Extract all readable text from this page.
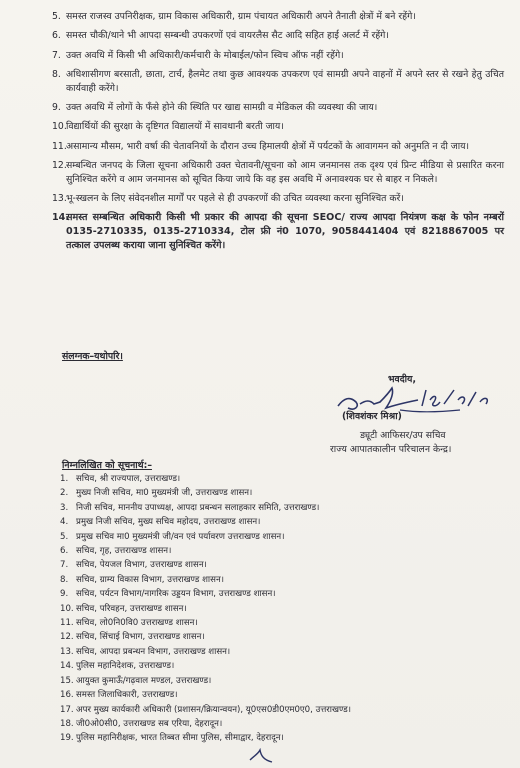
5. समस्त राजस्व उपनिरीक्षक, ग्राम विकास अधिकारी, ग्राम पंचायत अधिकारी अपने तैनाती क्षेत्रों में बने रहेंगे।
6. समस्त चौकी/थाने भी आपदा सम्बन्धी उपकरणों एवं वायरलैस सैट आदि सहित हाई अलर्ट में रहेंगे।
7. उक्त अवधि में किसी भी अधिकारी/कर्मचारी के मोबाईल/फोन स्विच ऑफ नहीं रहेंगे।
8. अधिशासीगण बरसाती, छाता, टार्च, हैलमेट तथा कुछ आवश्यक उपकरण एवं सामग्री अपने वाहनों में अपने स्तर से रखने हेतु उचित कार्यवाही करेंगे।
9. उक्त अवधि में लोगों के फँसे होने की स्थिति पर खाद्य सामग्री व मेडिकल की व्यवस्था की जाय।
10. विद्यार्थियों की सुरक्षा के दृष्टिगत विद्यालयों में सावधानी बरती जाय।
11. असामान्य मौसम, भारी वर्षा की चेतावनियों के दौरान उच्च हिमालयी क्षेत्रों में पर्यटकों के आवागमन को अनुमति न दी जाय।
12. सम्बन्धित जनपद के जिला सूचना अधिकारी उक्त चेतावनी/सूचना को आम जनमानस तक दृश्य एवं प्रिन्ट मीडिया से प्रसारित करना सुनिश्चित करेंगे व आम जनमानस को सूचित किया जाये कि वह इस अवधि में अनावश्यक घर से बाहर न निकले।
13. भू-स्खलन के लिए संवेदनशील मार्गों पर पहले से ही उपकरणों की उचित व्यवस्था करना सुनिश्चित करें।
14.
समस्त सम्बन्धित अधिकारी किसी भी प्रकार की आपदा की सूचना SEOC/ राज्य आपदा नियंत्रण कक्ष के फोन नम्बरों 0135-2710335, 0135-2710334, टोल फ्री नं0 1070, 9058441404 एवं 8218867005 पर तत्काल उपलब्ध कराया जाना सुनिश्चित करेंगे।
संलग्नक–यथोपरि।
भवदीय,
(शिवशंकर मिश्रा)
ड्यूटी आफिसर/उप सचिव
राज्य आपातकालीन परिचालन केन्द्र।
निम्नलिखित को सूचनार्थ:–
1. सचिव, श्री राज्यपाल, उत्तराखण्ड।
2. मुख्य निजी सचिव, मा0 मुख्यमंत्री जी, उत्तराखण्ड शासन।
3. निजी सचिव, माननीय उपाध्यक्ष, आपदा प्रबन्धन सलाहकार समिति, उत्तराखण्ड।
4. प्रमुख निजी सचिव, मुख्य सचिव महोदय, उत्तराखण्ड शासन।
5. प्रमुख सचिव मा0 मुख्यमंत्री जी/वन एवं पर्यावरण उत्तराखण्ड शासन।
6. सचिव, गृह, उत्तराखण्ड शासन।
7. सचिव, पेयजल विभाग, उत्तराखण्ड शासन।
8. सचिव, ग्राम्य विकास विभाग, उत्तराखण्ड शासन।
9. सचिव, पर्यटन विभाग/नागरिक उड्डयन विभाग, उत्तराखण्ड शासन।
10. सचिव, परिवहन, उत्तराखण्ड शासन।
11. सचिव, लो0नि0वि0 उत्तराखण्ड शासन।
12. सचिव, सिंचाई विभाग, उत्तराखण्ड शासन।
13. सचिव, आपदा प्रबन्धन विभाग, उत्तराखण्ड शासन।
14. पुलिस महानिदेशक, उत्तराखण्ड।
15. आयुक्त कुमाऊँ/गढ़वाल मण्डल, उत्तराखण्ड।
16. समस्त जिलाधिकारी, उत्तराखण्ड।
17. अपर मुख्य कार्यकारी अधिकारी (प्रशासन/क्रियान्वयन), यू0एस0डी0एम0ए0, उत्तराखण्ड।
18. जी0ओ0सी0, उत्तराखण्ड सब एरिया, देहरादून।
19. पुलिस महानिरीक्षक, भारत तिब्बत सीमा पुलिस, सीमाद्वार, देहरादून।
